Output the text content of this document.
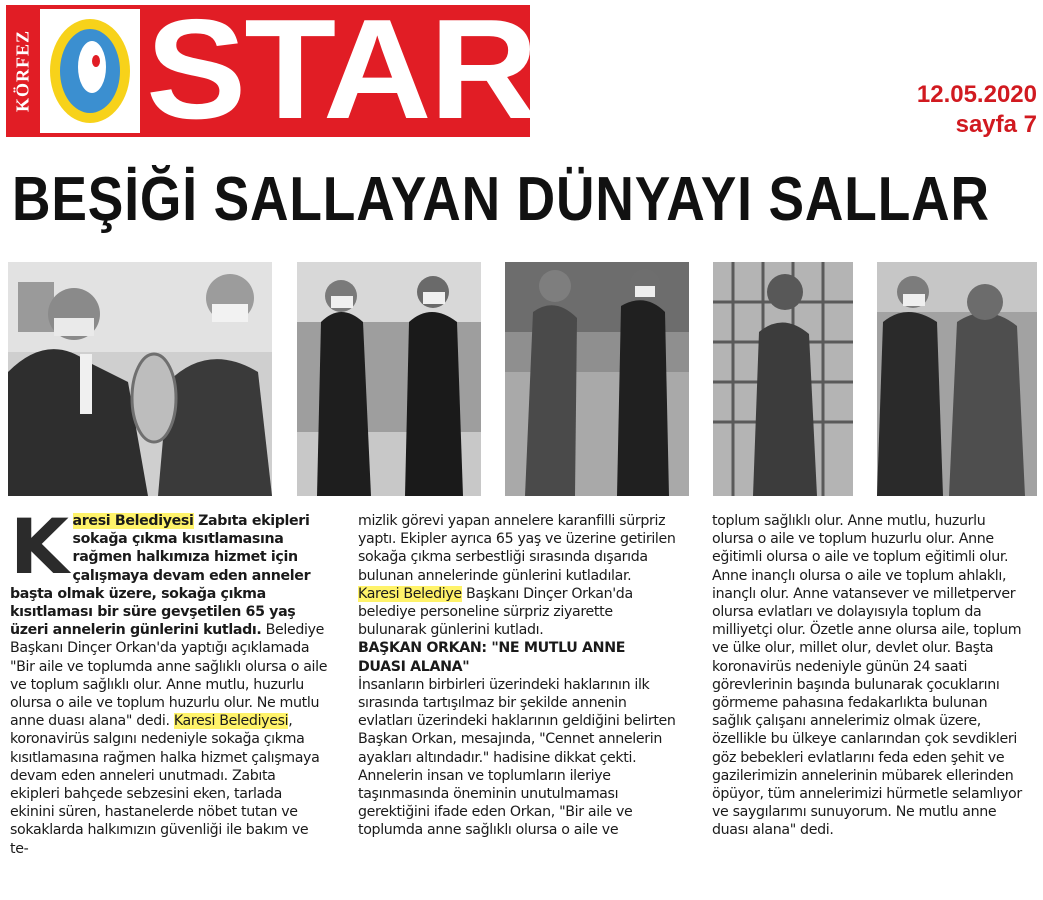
KÖRFEZ STAR	12.05.2020
sayfa 7
BEŞİĞİ SALLAYAN DÜNYAYI SALLAR

Karesi Belediyesi Zabıta ekipleri sokağa çıkma kısıtlamasına rağmen halkımıza hizmet için çalışmaya devam eden anneler başta olmak üzere, sokağa çıkma kısıtlaması bir süre gevşetilen 65 yaş üzeri annelerin günlerini kutladı. Belediye Başkanı Dinçer Orkan'da yaptığı açıklamada "Bir aile ve toplumda anne sağlıklı olursa o aile ve toplum sağlıklı olur. Anne mutlu, huzurlu olursa o aile ve toplum huzurlu olur. Ne mutlu anne duası alana" dedi. Karesi Belediyesi, koronavirüs salgını nedeniyle sokağa çıkma kısıtlamasına rağmen halka hizmet çalışmaya devam eden anneleri unutmadı. Zabıta ekipleri bahçede sebzesini eken, tarlada ekinini süren, hastanelerde nöbet tutan ve sokaklarda halkımızın güvenliği ile bakım ve te-

mizlik görevi yapan annelere karanfilli sürpriz yaptı. Ekipler ayrıca 65 yaş ve üzerine getirilen sokağa çıkma serbestliği sırasında dışarıda bulunan annelerinde günlerini kutladılar. Karesi Belediye Başkanı Dinçer Orkan'da belediye personeline sürpriz ziyarette bulunarak günlerini kutladı.

BAŞKAN ORKAN: "NE MUTLU ANNE DUASI ALANA"

İnsanların birbirleri üzerindeki haklarının ilk sırasında tartışılmaz bir şekilde annenin evlatları üzerindeki haklarının geldiğini belirten Başkan Orkan, mesajında, "Cennet annelerin ayakları altındadır." hadisine dikkat çekti. Annelerin insan ve toplumların ileriye taşınmasında öneminin unutulmaması gerektiğini ifade eden Orkan, "Bir aile ve toplumda anne sağlıklı olursa o aile ve

toplum sağlıklı olur. Anne mutlu, huzurlu olursa o aile ve toplum huzurlu olur. Anne eğitimli olursa o aile ve toplum eğitimli olur. Anne inançlı olursa o aile ve toplum ahlaklı, inançlı olur. Anne vatansever ve milletperver olursa evlatları ve dolayısıyla toplum da milliyetçi olur. Özetle anne olursa aile, toplum ve ülke olur, millet olur, devlet olur. Başta koronavirüs nedeniyle günün 24 saati görevlerinin başında bulunarak çocuklarını görmeme pahasına fedakarlıkta bulunan sağlık çalışanı annelerimiz olmak üzere, özellikle bu ülkeye canlarından çok sevdikleri göz bebekleri evlatlarını feda eden şehit ve gazilerimizin annelerinin mübarek ellerinden öpüyor, tüm annelerimizi hürmetle selamlıyor ve saygılarımı sunuyorum. Ne mutlu anne duası alana" dedi.
